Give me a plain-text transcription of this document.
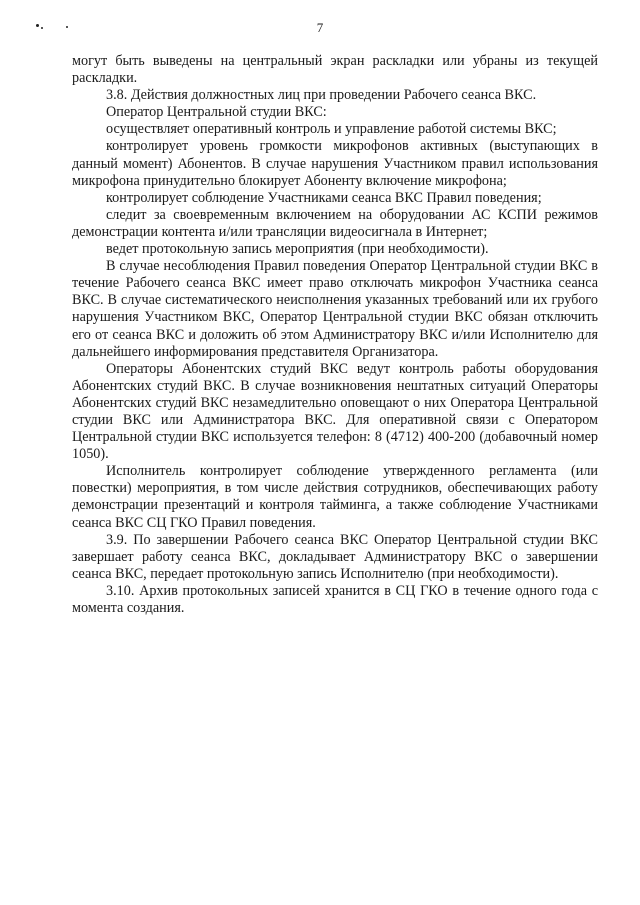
7

могут быть выведены на центральный экран раскладки или убраны из текущей раскладки.

3.8. Действия должностных лиц при проведении Рабочего сеанса ВКС.

Оператор Центральной студии ВКС:

осуществляет оперативный контроль и управление работой системы ВКС;

контролирует уровень громкости микрофонов активных (выступающих в данный момент) Абонентов. В случае нарушения Участником правил использования микрофона принудительно блокирует Абоненту включение микрофона;

контролирует соблюдение Участниками сеанса ВКС Правил поведения;

следит за своевременным включением на оборудовании АС КСПИ режимов демонстрации контента и/или трансляции видеосигнала в Интернет;

ведет протокольную запись мероприятия (при необходимости).

В случае несоблюдения Правил поведения Оператор Центральной студии ВКС в течение Рабочего сеанса ВКС имеет право отключать микрофон Участника сеанса ВКС. В случае систематического неисполнения указанных требований или их грубого нарушения Участником ВКС, Оператор Центральной студии ВКС обязан отключить его от сеанса ВКС и доложить об этом Администратору ВКС и/или Исполнителю для дальнейшего информирования представителя Организатора.

Операторы Абонентских студий ВКС ведут контроль работы оборудования Абонентских студий ВКС. В случае возникновения нештатных ситуаций Операторы Абонентских студий ВКС незамедлительно оповещают о них Оператора Центральной студии ВКС или Администратора ВКС. Для оперативной связи с Оператором Центральной студии ВКС используется телефон: 8 (4712) 400-200 (добавочный номер 1050).

Исполнитель контролирует соблюдение утвержденного регламента (или повестки) мероприятия, в том числе действия сотрудников, обеспечивающих работу демонстрации презентаций и контроля тайминга, а также соблюдение Участниками сеанса ВКС СЦ ГКО Правил поведения.

3.9. По завершении Рабочего сеанса ВКС Оператор Центральной студии ВКС завершает работу сеанса ВКС, докладывает Администратору ВКС о завершении сеанса ВКС, передает протокольную запись Исполнителю (при необходимости).

3.10. Архив протокольных записей хранится в СЦ ГКО в течение одного года с момента создания.
